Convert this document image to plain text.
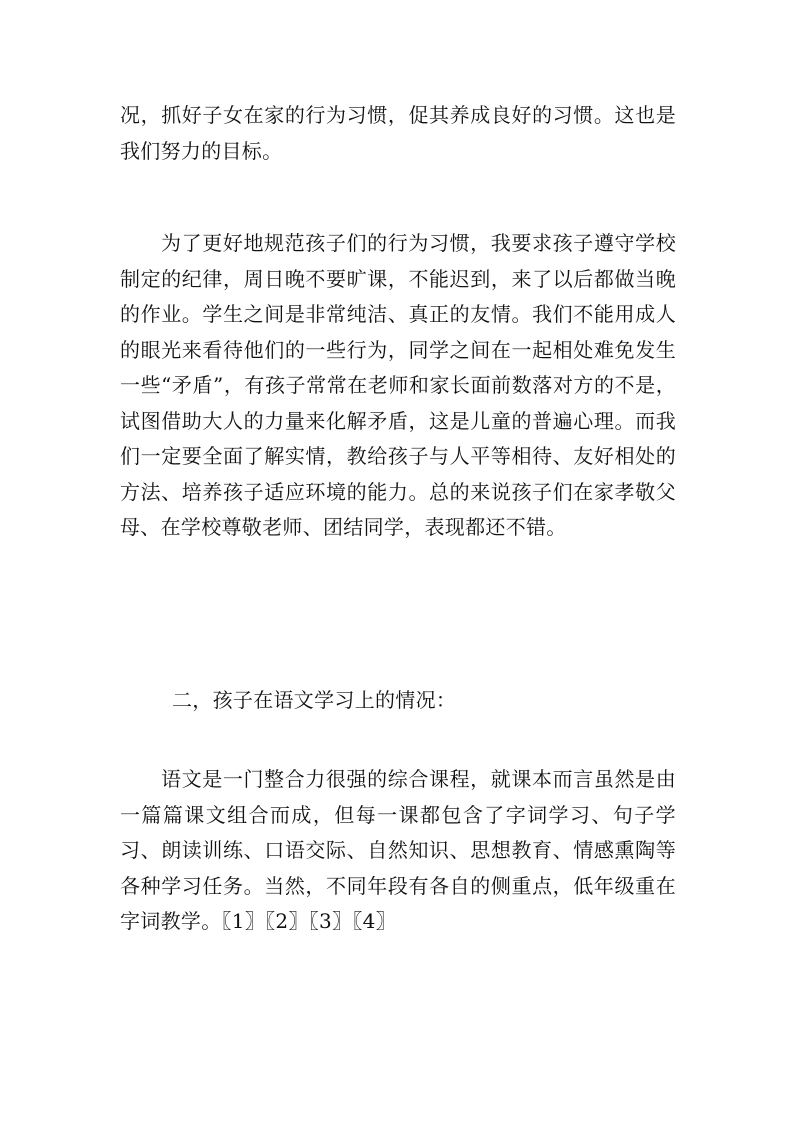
况，抓好子女在家的行为习惯，促其养成良好的习惯。这也是我们努力的目标。

为了更好地规范孩子们的行为习惯，我要求孩子遵守学校制定的纪律，周日晚不要旷课，不能迟到，来了以后都做当晚的作业。学生之间是非常纯洁、真正的友情。我们不能用成人的眼光来看待他们的一些行为，同学之间在一起相处难免发生一些“矛盾”，有孩子常常在老师和家长面前数落对方的不是，试图借助大人的力量来化解矛盾，这是儿童的普遍心理。而我们一定要全面了解实情，教给孩子与人平等相待、友好相处的方法、培养孩子适应环境的能力。总的来说孩子们在家孝敬父母、在学校尊敬老师、团结同学，表现都还不错。

二，孩子在语文学习上的情况：

语文是一门整合力很强的综合课程，就课本而言虽然是由一篇篇课文组合而成，但每一课都包含了字词学习、句子学习、朗读训练、口语交际、自然知识、思想教育、情感熏陶等各种学习任务。当然，不同年段有各自的侧重点，低年级重在字词教学。〖1〗〖2〗〖3〗〖4〗
